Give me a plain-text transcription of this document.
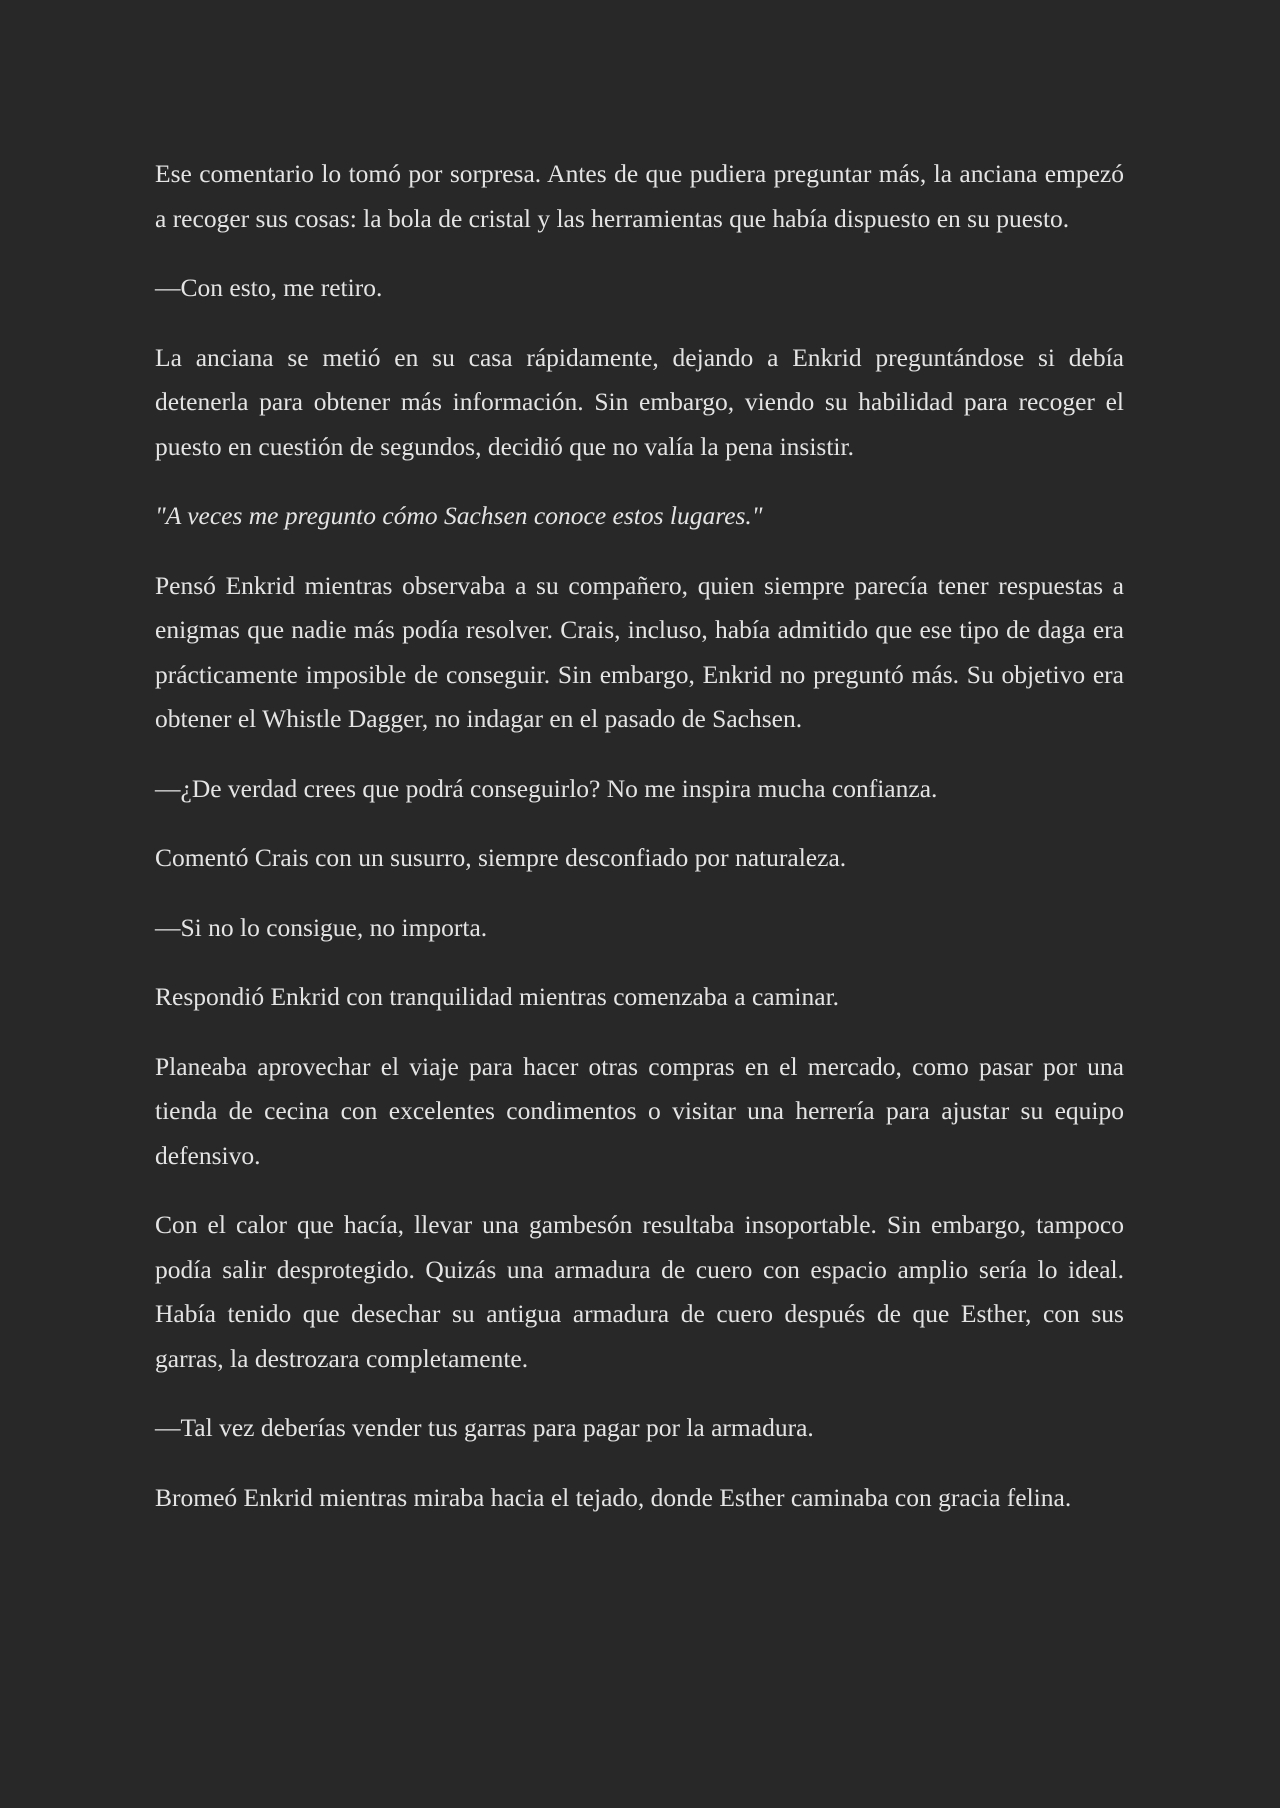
Ese comentario lo tomó por sorpresa. Antes de que pudiera preguntar más, la anciana empezó a recoger sus cosas: la bola de cristal y las herramientas que había dispuesto en su puesto.

—Con esto, me retiro.

La anciana se metió en su casa rápidamente, dejando a Enkrid preguntándose si debía detenerla para obtener más información. Sin embargo, viendo su habilidad para recoger el puesto en cuestión de segundos, decidió que no valía la pena insistir.

"A veces me pregunto cómo Sachsen conoce estos lugares."

Pensó Enkrid mientras observaba a su compañero, quien siempre parecía tener respuestas a enigmas que nadie más podía resolver. Crais, incluso, había admitido que ese tipo de daga era prácticamente imposible de conseguir. Sin embargo, Enkrid no preguntó más. Su objetivo era obtener el Whistle Dagger, no indagar en el pasado de Sachsen.

—¿De verdad crees que podrá conseguirlo? No me inspira mucha confianza.

Comentó Crais con un susurro, siempre desconfiado por naturaleza.

—Si no lo consigue, no importa.

Respondió Enkrid con tranquilidad mientras comenzaba a caminar.

Planeaba aprovechar el viaje para hacer otras compras en el mercado, como pasar por una tienda de cecina con excelentes condimentos o visitar una herrería para ajustar su equipo defensivo.

Con el calor que hacía, llevar una gambesón resultaba insoportable. Sin embargo, tampoco podía salir desprotegido. Quizás una armadura de cuero con espacio amplio sería lo ideal. Había tenido que desechar su antigua armadura de cuero después de que Esther, con sus garras, la destrozara completamente.

—Tal vez deberías vender tus garras para pagar por la armadura.

Bromeó Enkrid mientras miraba hacia el tejado, donde Esther caminaba con gracia felina.
